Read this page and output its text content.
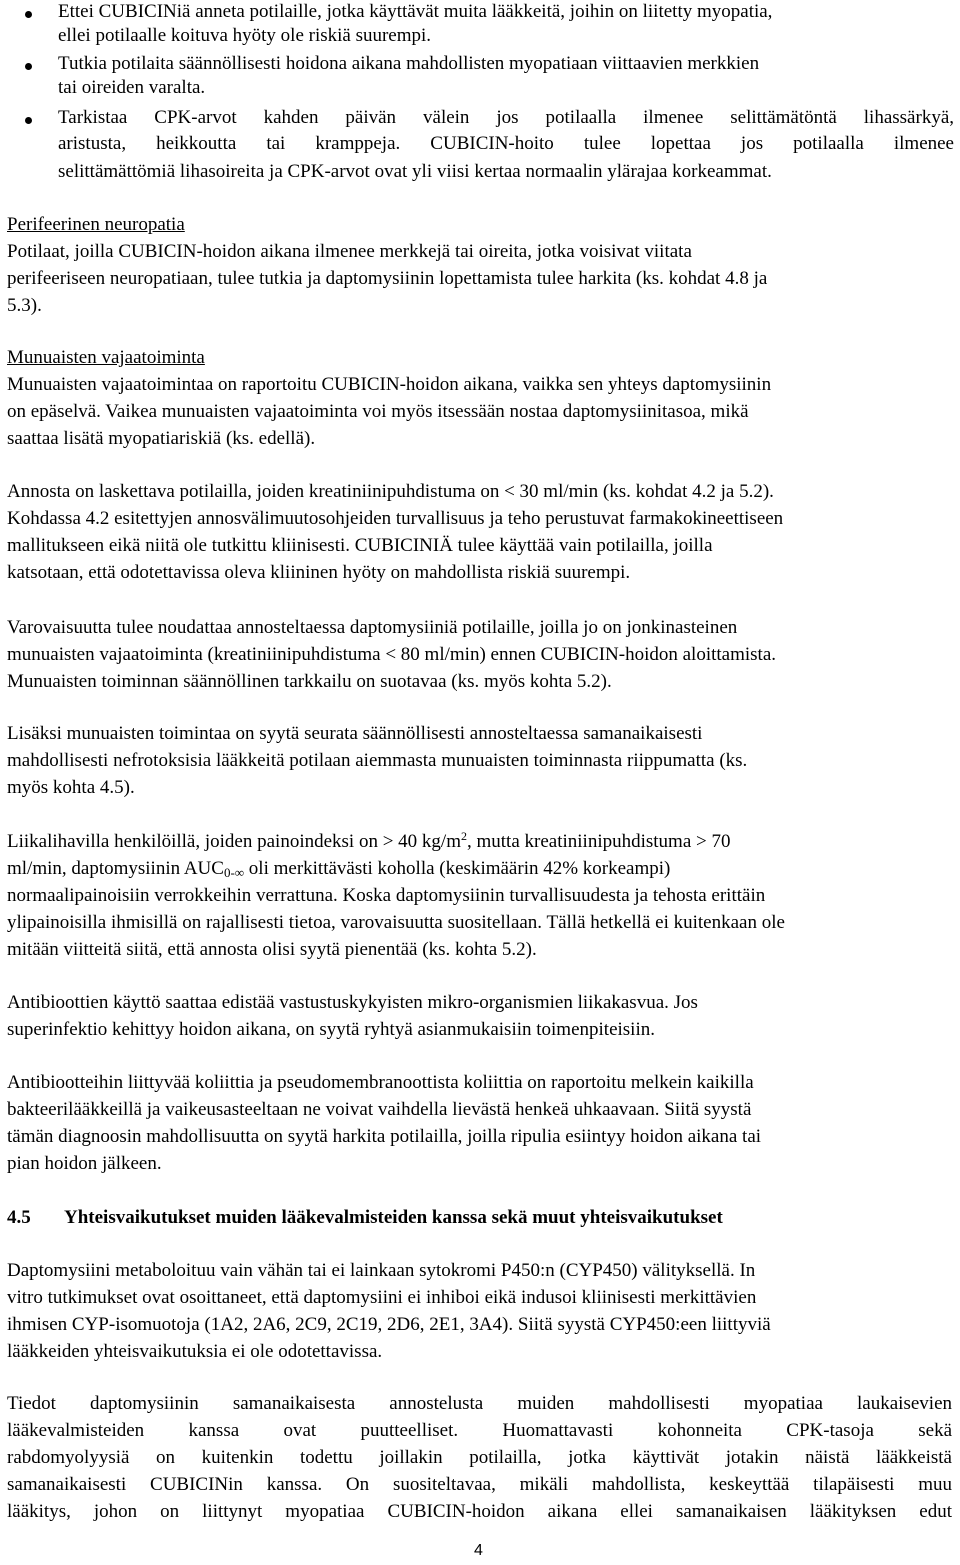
Ettei CUBICINiä anneta potilaille, jotka käyttävät muita lääkkeitä, joihin on liitetty myopatia,
ellei potilaalle koituva hyöty ole riskiä suurempi.
Tutkia potilaita säännöllisesti hoidona aikana mahdollisten myopatiaan viittaavien merkkien
tai oireiden varalta.
Tarkistaa CPK-arvot kahden päivän välein jos potilaalla ilmenee selittämätöntä lihassärkyä,
aristusta, heikkoutta tai kramppeja. CUBICIN-hoito tulee lopettaa jos potilaalla ilmenee
selittämättömiä lihasoireita ja CPK-arvot ovat yli viisi kertaa normaalin ylärajaa korkeammat.
Perifeerinen neuropatia
Potilaat, joilla CUBICIN-hoidon aikana ilmenee merkkejä tai oireita, jotka voisivat viitata
perifeeriseen neuropatiaan, tulee tutkia ja daptomysiinin lopettamista tulee harkita (ks. kohdat 4.8 ja
5.3).
Munuaisten vajaatoiminta
Munuaisten vajaatoimintaa on raportoitu CUBICIN-hoidon aikana, vaikka sen yhteys daptomysiinin
on epäselvä. Vaikea munuaisten vajaatoiminta voi myös itsessään nostaa daptomysiinitasoa, mikä
saattaa lisätä myopatiariskiä (ks. edellä).
Annosta on laskettava potilailla, joiden kreatiniinipuhdistuma on < 30 ml/min (ks. kohdat 4.2 ja 5.2).
Kohdassa 4.2 esitettyjen annosvälimuutosohjeiden turvallisuus ja teho perustuvat farmakokineettiseen
mallitukseen eikä niitä ole tutkittu kliinisesti. CUBICINIÄ tulee käyttää vain potilailla, joilla
katsotaan, että odotettavissa oleva kliininen hyöty on mahdollista riskiä suurempi.
Varovaisuutta tulee noudattaa annosteltaessa daptomysiiniä potilaille, joilla jo on jonkinasteinen
munuaisten vajaatoiminta (kreatiniinipuhdistuma < 80 ml/min) ennen CUBICIN-hoidon aloittamista.
Munuaisten toiminnan säännöllinen tarkkailu on suotavaa (ks. myös kohta 5.2).
Lisäksi munuaisten toimintaa on syytä seurata säännöllisesti annosteltaessa samanaikaisesti
mahdollisesti nefrotoksisia lääkkeitä potilaan aiemmasta munuaisten toiminnasta riippumatta (ks.
myös kohta 4.5).
Liikalihavilla henkilöillä, joiden painoindeksi on > 40 $kg/m^2$, mutta kreatiniinipuhdistuma > 70
ml/min, daptomysiinin $AUC_{0-\infty}$ oli merkittävästi koholla (keskimäärin 42% korkeampi)
normaalipainoisiin verrokkeihin verrattuna. Koska daptomysiinin turvallisuudesta ja tehosta erittäin
ylipainoisilla ihmisillä on rajallisesti tietoa, varovaisuutta suositellaan. Tällä hetkellä ei kuitenkaan ole
mitään viitteitä siitä, että annosta olisi syytä pienentää (ks. kohta 5.2).
Antibioottien käyttö saattaa edistää vastustuskykyisten mikro-organismien liikakasvua. Jos
superinfektio kehittyy hoidon aikana, on syytä ryhtyä asianmukaisiin toimenpiteisiin.
Antibiootteihin liittyvää koliittia ja pseudomembranoottista koliittia on raportoitu melkein kaikilla
bakteerilääkkeillä ja vaikeusasteeltaan ne voivat vaihdella lievästä henkeä uhkaavaan. Siitä syystä
tämän diagnoosin mahdollisuutta on syytä harkita potilailla, joilla ripulia esiintyy hoidon aikana tai
pian hoidon jälkeen.
4.5 Yhteisvaikutukset muiden lääkevalmisteiden kanssa sekä muut yhteisvaikutukset
Daptomysiini metaboloituu vain vähän tai ei lainkaan sytokromi P450:n (CYP450) välityksellä. In
vitro tutkimukset ovat osoittaneet, että daptomysiini ei inhiboi eikä indusoi kliinisesti merkittävien
ihmisen CYP-isomuotoja (1A2, 2A6, 2C9, 2C19, 2D6, 2E1, 3A4). Siitä syystä CYP450:een liittyviä
lääkkeiden yhteisvaikutuksia ei ole odotettavissa.
Tiedot daptomysiinin samanaikaisesta annostelusta muiden mahdollisesti myopatiaa laukaisevien
lääkevalmisteiden kanssa ovat puutteelliset. Huomattavasti kohonneita CPK-tasoja sekä
rabdomyolyysiä on kuitenkin todettu joillakin potilailla, jotka käyttivät jotakin näistä lääkkeistä
samanaikaisesti CUBICINin kanssa. On suositeltavaa, mikäli mahdollista, keskeyttää tilapäisesti muu
lääkitys, johon on liittynyt myopatiaa CUBICIN-hoidon aikana ellei samanaikaisen lääkityksen edut
4
